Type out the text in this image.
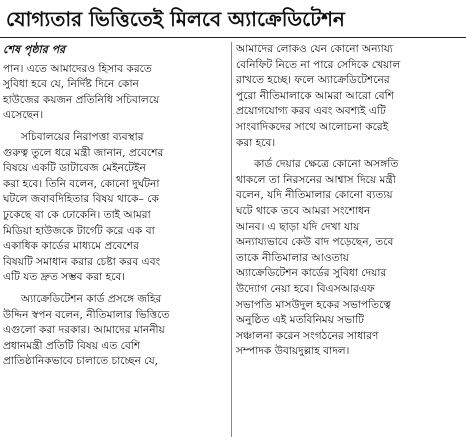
যোগ্যতার ভিত্তিতেই মিলবে অ্যাক্রেডিটেশন
শেষ পৃষ্ঠার পর
পান। এতে আমাদেরও হিসাব করতে
সুবিধা হবে যে, নির্দিষ্ট দিনে কোন
হাউজের কয়জন প্রতিনিধি সচিবালয়ে
এসেছেন।
সচিবালয়ের নিরাপত্তা ব্যবস্থার
গুরুত্ব তুলে ধরে মন্ত্রী জানান, প্রবেশের
বিষয়ে একটি ডাটাবেজ মেইনটেইন
করা হবে। তিনি বলেন, কোনো দুর্ঘটনা
ঘটলে জবাবদিহিতার বিষয় থাকে– কে
ঢুকেছে বা কে ঢোকেনি। তাই আমরা
মিডিয়া হাউজকে টার্গেট করে এক বা
একাধিক কার্ডের মাধ্যমে প্রবেশের
বিষয়টি সমাধান করার চেষ্টা করব এবং
এটি যত দ্রুত সম্ভব করা হবে।
অ্যাক্রেডিটেশন কার্ড প্রসঙ্গে জহির
উদ্দিন স্বপন বলেন, নীতিমালার ভিত্তিতে
এগুলো করা দরকার। আমাদের মাননীয়
প্রধানমন্ত্রী প্রতিটি বিষয় এত বেশি
প্রাতিষ্ঠানিকভাবে চালাতে চাচ্ছেন যে,
আমাদের লোকও যেন কোনো অন্যায্য
বেনিফিট নিতে না পারে সেদিকে খেয়াল
রাখতে হচ্ছে। ফলে অ্যাক্রেডিটেশনের
পুরো নীতিমালাকে আমরা আরো বেশি
প্রয়োগযোগ্য করব এবং অবশ্যই এটি
সাংবাদিকদের সাথে আলোচনা করেই
করা হবে।
কার্ড দেয়ার ক্ষেত্রে কোনো অসঙ্গতি
থাকলে তা নিরসনের আশ্বাস দিয়ে মন্ত্রী
বলেন, যদি নীতিমালার কোনো ব্যত্যয়
ঘটে থাকে তবে আমরা সংশোধন
আনব। এ ছাড়া যদি দেখা যায়
অন্যায্যভাবে কেউ বাদ পড়েছেন, তবে
তাকে নীতিমালার আওতায়
অ্যাক্রেডিটেশন কার্ডের সুবিধা দেয়ার
উদ্যোগ নেয়া হবে। বিএসআরএফ
সভাপতি মাসউদুল হকের সভাপতিত্বে
অনুষ্ঠিত এই মতবিনিময় সভাটি
সঞ্চালনা করেন সংগঠনের সাধারণ
সম্পাদক উবায়দুল্লাহ বাদল।
